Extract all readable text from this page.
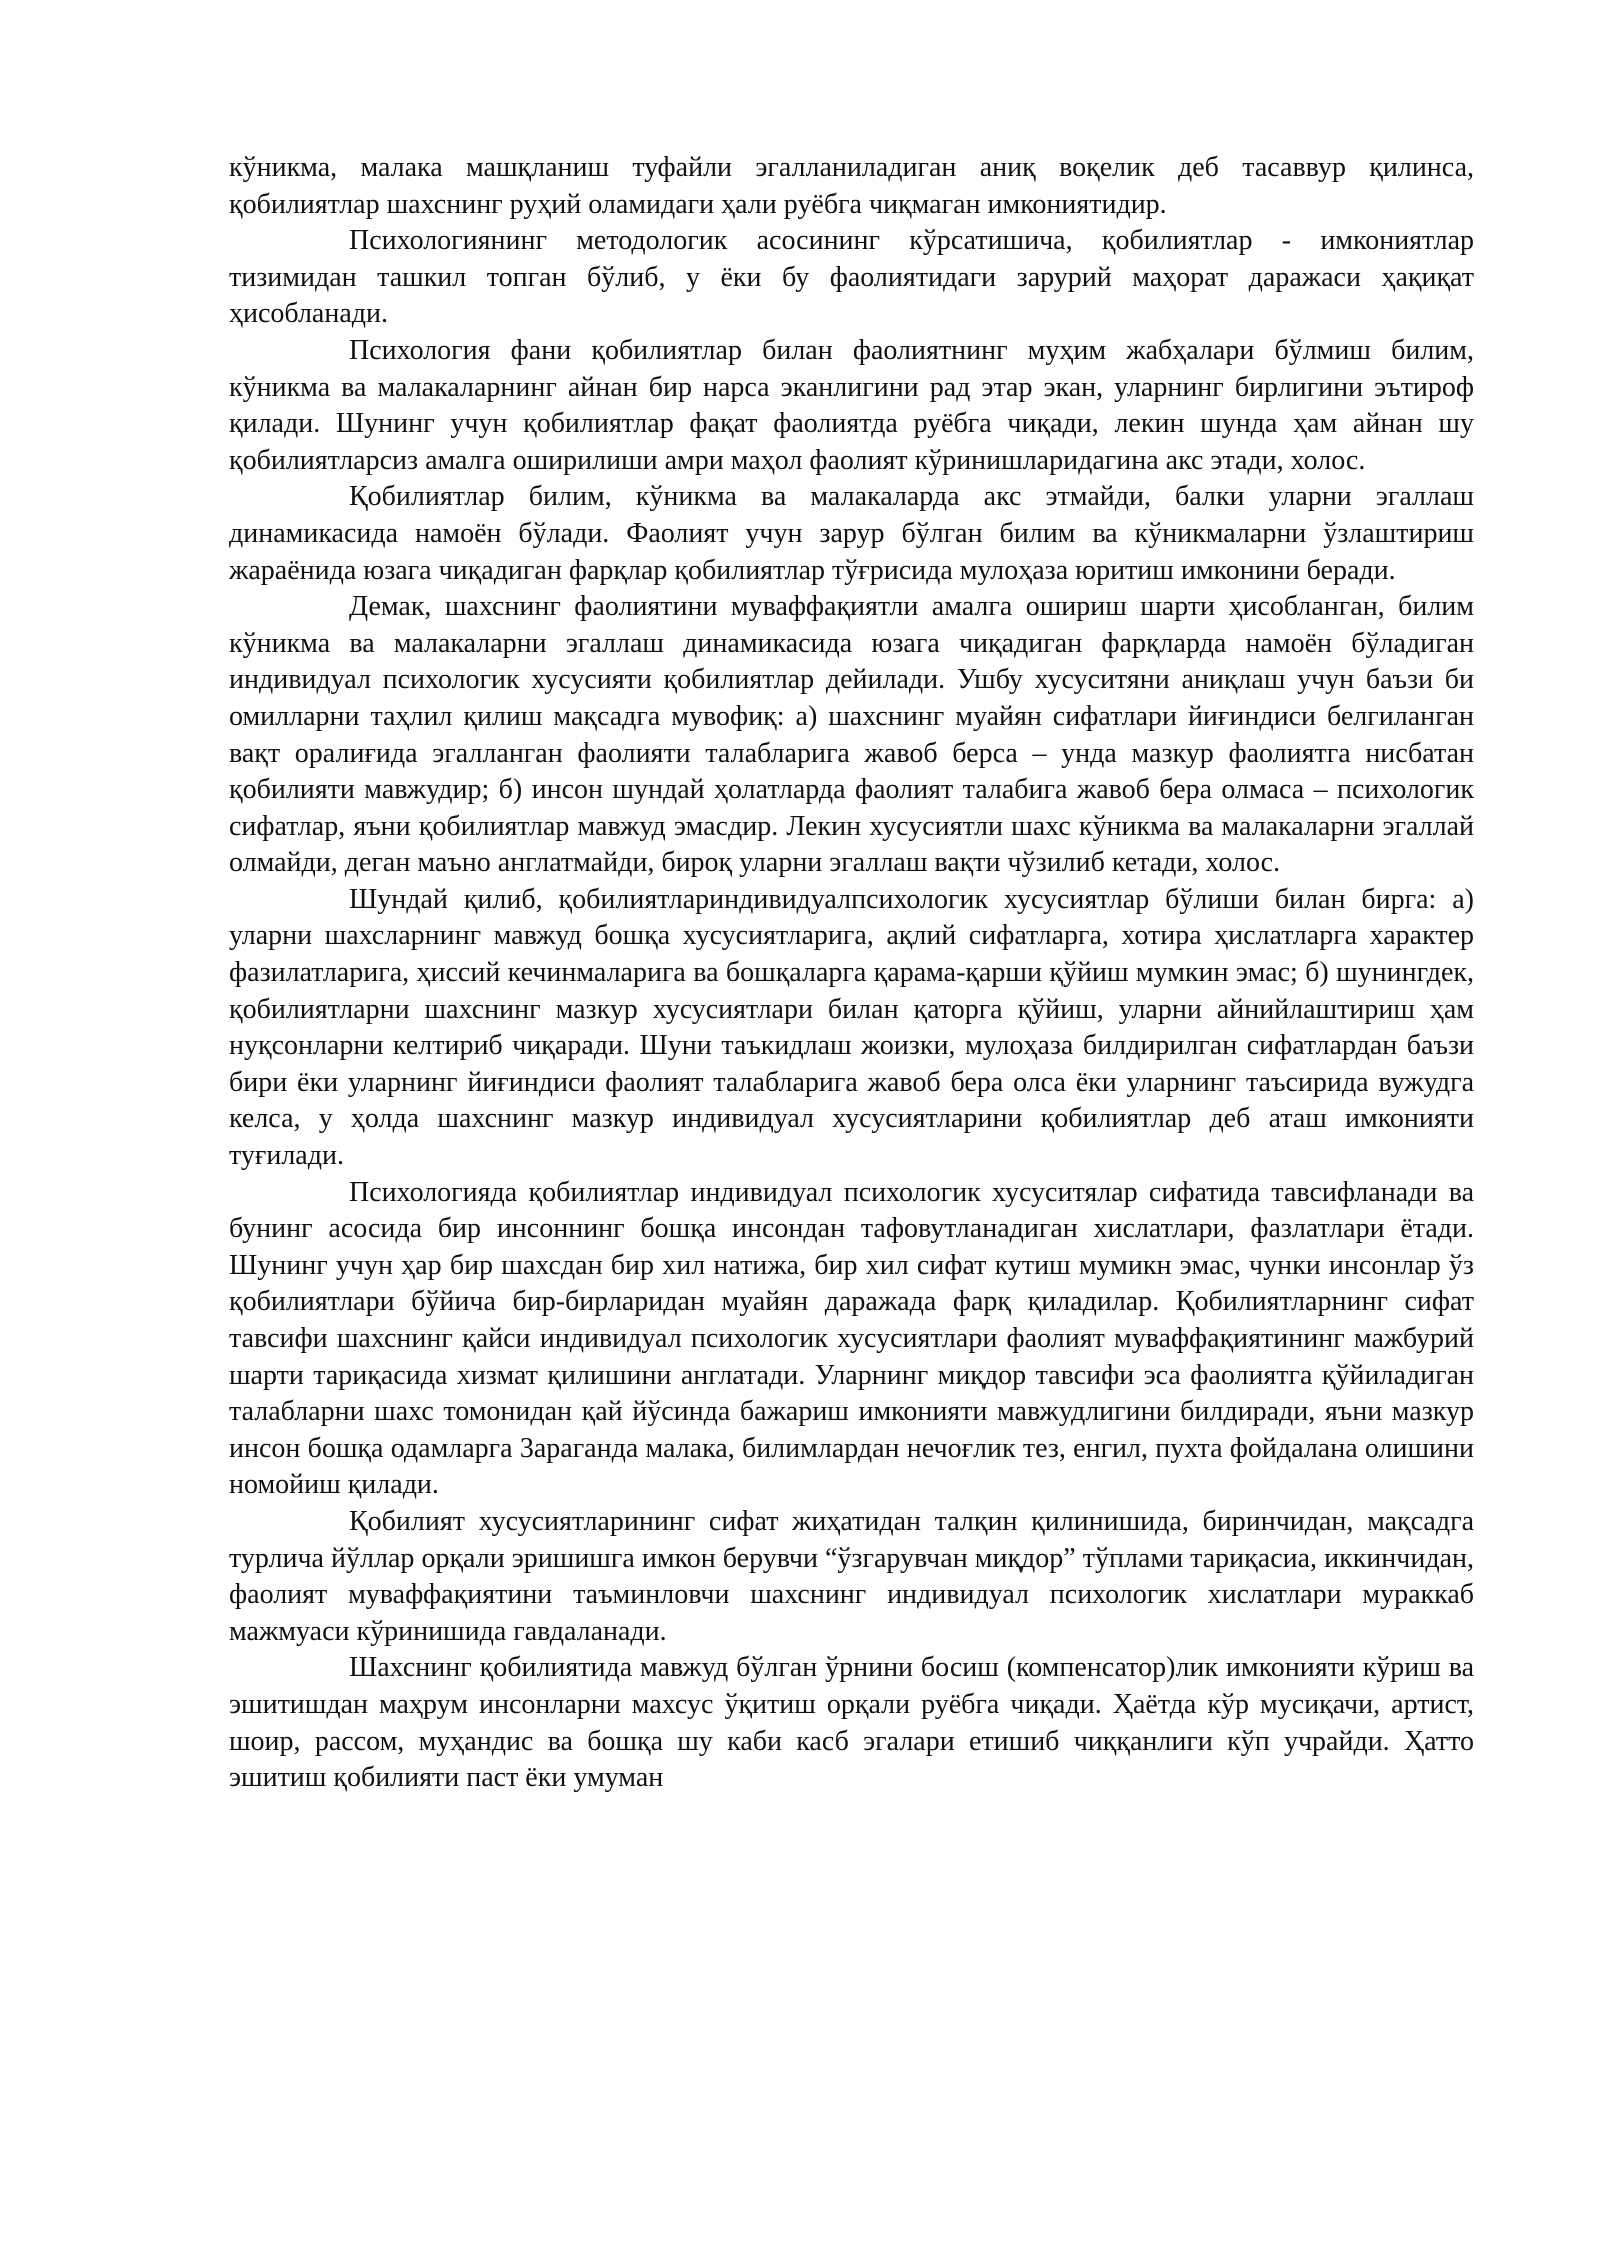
кўникма, малака машқланиш туфайли эгалланиладиган аниқ воқелик деб тасаввур қилинса, қобилиятлар шахснинг руҳий оламидаги ҳали руёбга чиқмаган имкониятидир.

Психологиянинг методологик асосининг кўрсатишича, қобилиятлар - имкониятлар тизимидан ташкил топган бўлиб, у ёки бу фаолиятидаги зарурий маҳорат даражаси ҳақиқат ҳисобланади.

Психология фани қобилиятлар билан фаолиятнинг муҳим жабҳалари бўлмиш билим, кўникма ва малакаларнинг айнан бир нарса эканлигини рад этар экан, уларнинг бирлигини эътироф қилади. Шунинг учун қобилиятлар фақат фаолиятда руёбга чиқади, лекин шунда ҳам айнан шу қобилиятларсиз амалга оширилиши амри маҳол фаолият кўринишларидагина акс этади, холос.

Қобилиятлар билим, кўникма ва малакаларда акс этмайди, балки уларни эгаллаш динамикасида намоён бўлади. Фаолият учун зарур бўлган билим ва кўникмаларни ўзлаштириш жараёнида юзага чиқадиган фарқлар қобилиятлар тўғрисида мулоҳаза юритиш имконини беради.

Демак, шахснинг фаолиятини муваффақиятли амалга ошириш шарти ҳисобланган, билим кўникма ва малакаларни эгаллаш динамикасида юзага чиқадиган фарқларда намоён бўладиган индивидуал психологик хусусияти қобилиятлар дейилади. Ушбу хусуситяни аниқлаш учун баъзи би омилларни таҳлил қилиш мақсадга мувофиқ: а) шахснинг муайян сифатлари йиғиндиси белгиланган вақт оралиғида эгалланган фаолияти талабларига жавоб берса – унда мазкур фаолиятга нисбатан қобилияти мавжудир; б) инсон шундай ҳолатларда фаолият талабига жавоб бера олмаса – психологик сифатлар, яъни қобилиятлар мавжуд эмасдир. Лекин хусусиятли шахс кўникма ва малакаларни эгаллай олмайди, деган маъно англатмайди, бироқ уларни эгаллаш вақти чўзилиб кетади, холос.

Шундай қилиб, қобилиятлариндивидуалпсихологик хусусиятлар бўлиши билан бирга: а) уларни шахсларнинг мавжуд бошқа хусусиятларига, ақлий сифатларга, хотира ҳислатларга характер фазилатларига, ҳиссий кечинмаларига ва бошқаларга қарама-қарши қўйиш мумкин эмас; б) шунингдек, қобилиятларни шахснинг мазкур хусусиятлари билан қаторга қўйиш, уларни айнийлаштириш ҳам нуқсонларни келтириб чиқаради. Шуни таъкидлаш жоизки, мулоҳаза билдирилган сифатлардан баъзи бири ёки уларнинг йиғиндиси фаолият талабларига жавоб бера олса ёки уларнинг таъсирида вужудга келса, у ҳолда шахснинг мазкур индивидуал хусусиятларини қобилиятлар деб аташ имконияти туғилади.

Психологияда қобилиятлар индивидуал психологик хусуситялар сифатида тавсифланади ва бунинг асосида бир инсоннинг бошқа инсондан тафовутланадиган хислатлари, фазлатлари ётади. Шунинг учун ҳар бир шахсдан бир хил натижа, бир хил сифат кутиш мумикн эмас, чунки инсонлар ўз қобилиятлари бўйича бир-бирларидан муайян даражада фарқ қиладилар. Қобилиятларнинг сифат тавсифи шахснинг қайси индивидуал психологик хусусиятлари фаолият муваффақиятининг мажбурий шарти тариқасида хизмат қилишини англатади. Уларнинг миқдор тавсифи эса фаолиятга қўйиладиган талабларни шахс томонидан қай йўсинда бажариш имконияти мавжудлигини билдиради, яъни мазкур инсон бошқа одамларга 3араганда малака, билимлардан нечоғлик тез, енгил, пухта фойдалана олишини номойиш қилади.

Қобилият хусусиятларининг сифат жиҳатидан талқин қилинишида, биринчидан, мақсадга турлича йўллар орқали эришишга имкон берувчи “ўзгарувчан миқдор” тўплами тариқасиа, иккинчидан, фаолият муваффақиятини таъминловчи шахснинг индивидуал психологик хислатлари мураккаб мажмуаси кўринишида гавдаланади.

Шахснинг қобилиятида мавжуд бўлган ўрнини босиш (компенсатор)лик имконияти кўриш ва эшитишдан маҳрум инсонларни махсус ўқитиш орқали руёбга чиқади. Ҳаётда кўр мусиқачи, артист, шоир, рассом, муҳандис ва бошқа шу каби касб эгалари етишиб чиққанлиги кўп учрайди. Ҳатто эшитиш қобилияти паст ёки умуман
